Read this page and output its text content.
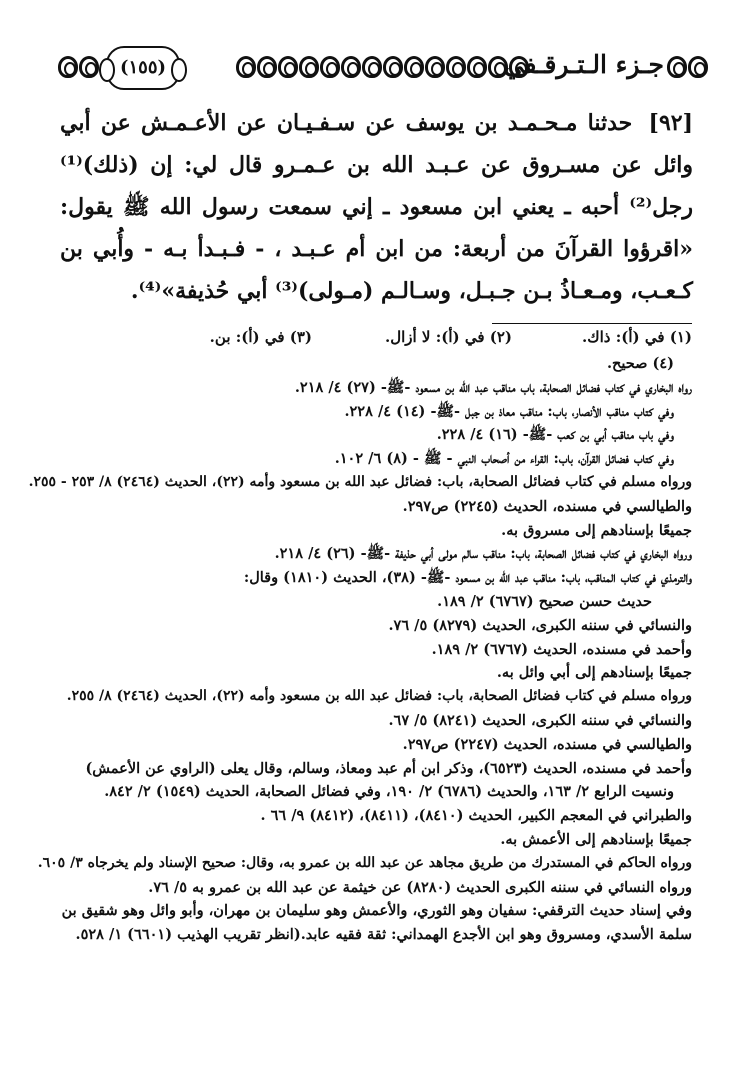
جـزء الـتـرقـفي
(١٥٥)
[٩٢] حدثنا مـحـمـد بن يوسف عن سـفـيـان عن الأعـمـش عن أبي وائل عن مسـروق عن عـبـد الله بن عـمـرو قال لي: إن (ذلك)⁽¹⁾ رجل⁽²⁾ أحبه ـ يعني ابن مسعود ـ إني سمعت رسول الله ﷺ يقول: «اقرؤوا القرآنَ من أربعة: من ابن أم عـبـد ، - فـبـدأ بـه - وأُبي بن كـعـب، ومـعـاذُ بـن جـبـل، وسـالـم (مـولى)⁽³⁾ أبي حُذيفة»⁽⁴⁾.
(١) في (أ): ذاك.
(٢) في (أ): لا أزال.
(٣) في (أ): بن.
(٤) صحيح.
رواه البخاري في كتاب فضائل الصحابة، باب مناقب عبد الله بن مسعود -ﷺ- (٢٧) ٤/ ٢١٨.
وفي كتاب مناقب الأنصار، باب: مناقب معاذ بن جبل -ﷺ- (١٤) ٤/ ٢٢٨.
وفي باب مناقب أبي بن كعب -ﷺ- (١٦) ٤/ ٢٢٨.
وفي كتاب فضائل القرآن، باب: القراء من أصحاب النبي - ﷺ - (٨) ٦/ ١٠٢.
ورواه مسلم في كتاب فضائل الصحابة، باب: فضائل عبد الله بن مسعود وأمه (٢٢)، الحديث (٢٤٦٤) ٨/ ٢٥٣ - ٢٥٥.
والطيالسي في مسنده، الحديث (٢٢٤٥) ص٢٩٧.
جميعًا بإسنادهم إلى مسروق به.
ورواه البخاري في كتاب فضائل الصحابة، باب: مناقب سالم مولى أبي حذيفة -ﷺ- (٢٦) ٤/ ٢١٨.
والترمذي في كتاب المناقب، باب: مناقب عبد الله بن مسعود -ﷺ- (٣٨)، الحديث (١٨١٠) وقال:
حديث حسن صحيح (٦٧٦٧) ٢/ ١٨٩.
والنسائي في سننه الكبرى، الحديث (٨٢٧٩) ٥/ ٧٦.
وأحمد في مسنده، الحديث (٦٧٦٧) ٢/ ١٨٩.
جميعًا بإسنادهم إلى أبي وائل به.
ورواه مسلم في كتاب فضائل الصحابة، باب: فضائل عبد الله بن مسعود وأمه (٢٢)، الحديث (٢٤٦٤) ٨/ ٢٥٥.
والنسائي في سننه الكبرى، الحديث (٨٢٤١) ٥/ ٦٧.
والطيالسي في مسنده، الحديث (٢٢٤٧) ص٢٩٧.
وأحمد في مسنده، الحديث (٦٥٢٣)، وذكر ابن أم عبد ومعاذ، وسالم، وقال يعلى (الراوي عن الأعمش)
ونسيت الرابع ٢/ ١٦٣، والحديث (٦٧٨٦) ٢/ ١٩٠، وفي فضائل الصحابة، الحديث (١٥٤٩) ٢/ ٨٤٢.
والطبراني في المعجم الكبير، الحديث (٨٤١٠)، (٨٤١١)، (٨٤١٢) ٩/ ٦٦ .
جميعًا بإسنادهم إلى الأعمش به.
ورواه الحاكم في المستدرك من طريق مجاهد عن عبد الله بن عمرو به، وقال: صحيح الإسناد ولم يخرجاه ٣/ ٦٠٥.
ورواه النسائي في سننه الكبرى الحديث (٨٢٨٠) عن خيثمة عن عبد الله بن عمرو به ٥/ ٧٦.
وفي إسناد حديث الترقفي: سفيان وهو الثوري، والأعمش وهو سليمان بن مهران، وأبو وائل وهو شقيق بن
سلمة الأسدي، ومسروق وهو ابن الأجدع الهمداني: ثقة فقيه عابد.(انظر تقريب الهذيب (٦٦٠١) ١/ ٥٢٨.
